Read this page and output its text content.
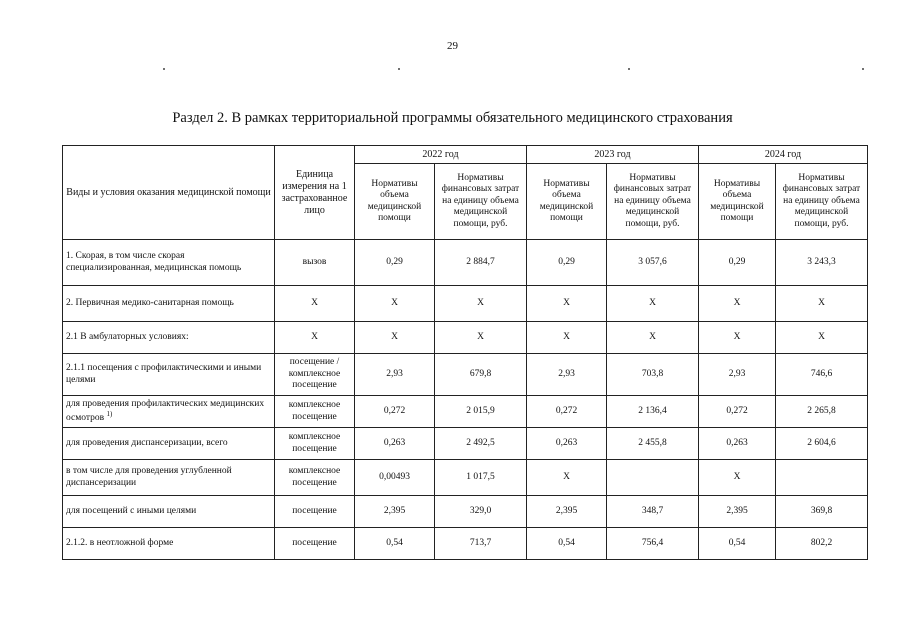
29
Раздел 2. В рамках территориальной программы обязательного медицинского страхования
Виды и условия оказания медицинской помощи	Единица измерения на 1 застрахованное лицо	2022 год		2023 год		2024 год	
		Нормативы объема медицинской помощи	Нормативы финансовых затрат на единицу объема медицинской помощи, руб.	Нормативы объема медицинской помощи	Нормативы финансовых затрат на единицу объема медицинской помощи, руб.	Нормативы объема медицинской помощи	Нормативы финансовых затрат на единицу объема медицинской помощи, руб.
1. Скорая, в том числе скорая специализированная, медицинская помощь	вызов	0,29	2 884,7	0,29	3 057,6	0,29	3 243,3
2. Первичная медико-санитарная помощь	Х	Х	Х	Х	Х	Х	Х
2.1 В амбулаторных условиях:	Х	Х	Х	Х	Х	Х	Х
2.1.1 посещения с профилактическими и иными целями	посещение / комплексное посещение	2,93	679,8	2,93	703,8	2,93	746,6
для проведения профилактических медицинских осмотров $^{1)}$	комплексное посещение	0,272	2 015,9	0,272	2 136,4	0,272	2 265,8
для проведения диспансеризации, всего	комплексное посещение	0,263	2 492,5	0,263	2 455,8	0,263	2 604,6
в том числе для проведения углубленной диспансеризации	комплексное посещение	0,00493	1 017,5	Х		Х	
для посещений с иными целями	посещение	2,395	329,0	2,395	348,7	2,395	369,8
2.1.2. в неотложной форме	посещение	0,54	713,7	0,54	756,4	0,54	802,2
